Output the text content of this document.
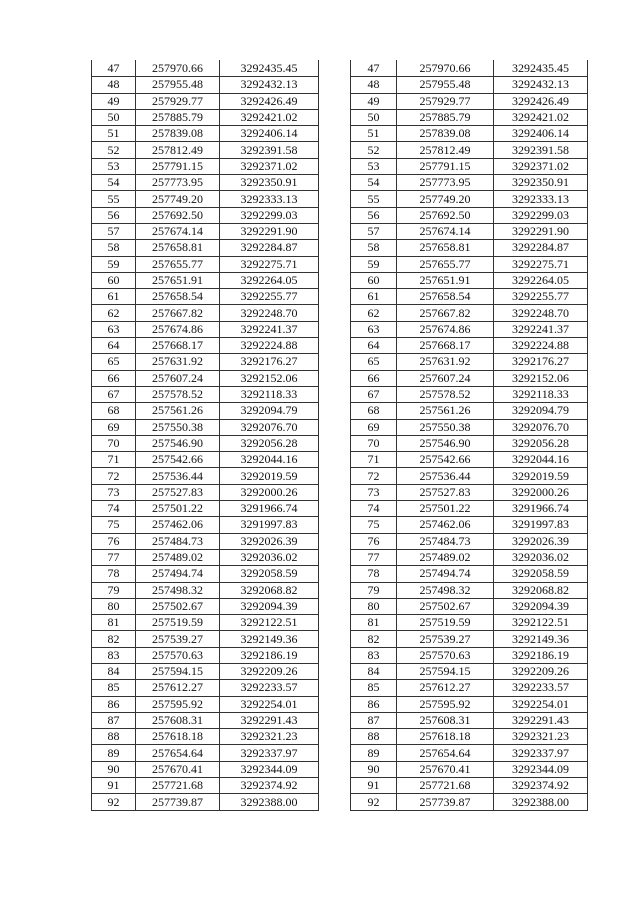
47	257970.66	3292435.45
48	257955.48	3292432.13
49	257929.77	3292426.49
50	257885.79	3292421.02
51	257839.08	3292406.14
52	257812.49	3292391.58
53	257791.15	3292371.02
54	257773.95	3292350.91
55	257749.20	3292333.13
56	257692.50	3292299.03
57	257674.14	3292291.90
58	257658.81	3292284.87
59	257655.77	3292275.71
60	257651.91	3292264.05
61	257658.54	3292255.77
62	257667.82	3292248.70
63	257674.86	3292241.37
64	257668.17	3292224.88
65	257631.92	3292176.27
66	257607.24	3292152.06
67	257578.52	3292118.33
68	257561.26	3292094.79
69	257550.38	3292076.70
70	257546.90	3292056.28
71	257542.66	3292044.16
72	257536.44	3292019.59
73	257527.83	3292000.26
74	257501.22	3291966.74
75	257462.06	3291997.83
76	257484.73	3292026.39
77	257489.02	3292036.02
78	257494.74	3292058.59
79	257498.32	3292068.82
80	257502.67	3292094.39
81	257519.59	3292122.51
82	257539.27	3292149.36
83	257570.63	3292186.19
84	257594.15	3292209.26
85	257612.27	3292233.57
86	257595.92	3292254.01
87	257608.31	3292291.43
88	257618.18	3292321.23
89	257654.64	3292337.97
90	257670.41	3292344.09
91	257721.68	3292374.92
92	257739.87	3292388.00
47	257970.66	3292435.45
48	257955.48	3292432.13
49	257929.77	3292426.49
50	257885.79	3292421.02
51	257839.08	3292406.14
52	257812.49	3292391.58
53	257791.15	3292371.02
54	257773.95	3292350.91
55	257749.20	3292333.13
56	257692.50	3292299.03
57	257674.14	3292291.90
58	257658.81	3292284.87
59	257655.77	3292275.71
60	257651.91	3292264.05
61	257658.54	3292255.77
62	257667.82	3292248.70
63	257674.86	3292241.37
64	257668.17	3292224.88
65	257631.92	3292176.27
66	257607.24	3292152.06
67	257578.52	3292118.33
68	257561.26	3292094.79
69	257550.38	3292076.70
70	257546.90	3292056.28
71	257542.66	3292044.16
72	257536.44	3292019.59
73	257527.83	3292000.26
74	257501.22	3291966.74
75	257462.06	3291997.83
76	257484.73	3292026.39
77	257489.02	3292036.02
78	257494.74	3292058.59
79	257498.32	3292068.82
80	257502.67	3292094.39
81	257519.59	3292122.51
82	257539.27	3292149.36
83	257570.63	3292186.19
84	257594.15	3292209.26
85	257612.27	3292233.57
86	257595.92	3292254.01
87	257608.31	3292291.43
88	257618.18	3292321.23
89	257654.64	3292337.97
90	257670.41	3292344.09
91	257721.68	3292374.92
92	257739.87	3292388.00
